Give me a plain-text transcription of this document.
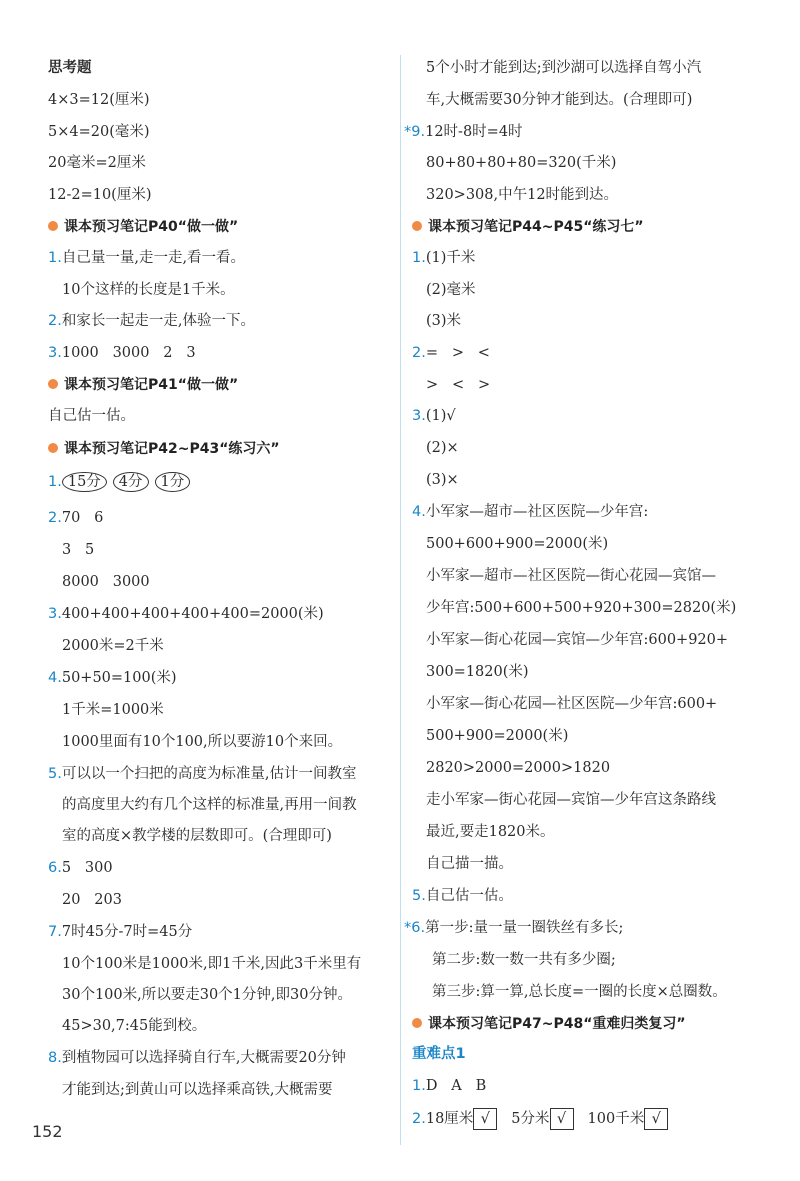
思考题
4×3=12(厘米)
5×4=20(毫米)
20毫米=2厘米
12-2=10(厘米)
课本预习笔记P40“做一做”
1.自己量一量,走一走,看一看。
10个这样的长度是1千米。
2.和家长一起走一走,体验一下。
3.1000   3000   2   3
课本预习笔记P41“做一做”
自己估一估。
课本预习笔记P42~P43“练习六”
1. 15分 4分 1分
2.70   6
3   5
8000   3000
3.400+400+400+400+400=2000(米)
2000米=2千米
4.50+50=100(米)
1千米=1000米
1000里面有10个100,所以要游10个来回。
5.可以以一个扫把的高度为标准量,估计一间教室
的高度里大约有几个这样的标准量,再用一间教
室的高度×教学楼的层数即可。(合理即可)
6.5   300
20   203
7.7时45分-7时=45分
10个100米是1000米,即1千米,因此3千米里有
30个100米,所以要走30个1分钟,即30分钟。
45>30,7:45能到校。
8.到植物园可以选择骑自行车,大概需要20分钟
才能到达;到黄山可以选择乘高铁,大概需要
5个小时才能到达;到沙湖可以选择自驾小汽
车,大概需要30分钟才能到达。(合理即可)
*9.12时-8时=4时
80+80+80+80=320(千米)
320>308,中午12时能到达。
课本预习笔记P44~P45“练习七”
1.(1)千米
(2)毫米
(3)米
2.=   >   <
>   <   >
3.(1)√
(2)×
(3)×
4.小军家—超市—社区医院—少年宫:
500+600+900=2000(米)
小军家—超市—社区医院—街心花园—宾馆—
少年宫:500+600+500+920+300=2820(米)
小军家—街心花园—宾馆—少年宫:600+920+
300=1820(米)
小军家—街心花园—社区医院—少年宫:600+
500+900=2000(米)
2820>2000=2000>1820
走小军家—街心花园—宾馆—少年宫这条路线
最近,要走1820米。
自己描一描。
5.自己估一估。
*6.第一步:量一量一圈铁丝有多长;
第二步:数一数一共有多少圈;
第三步:算一算,总长度=一圈的长度×总圈数。
课本预习笔记P47~P48“重难归类复习”
重难点1
1.D   A   B
2.18厘米 √ 5分米 √ 100千米 √
152
